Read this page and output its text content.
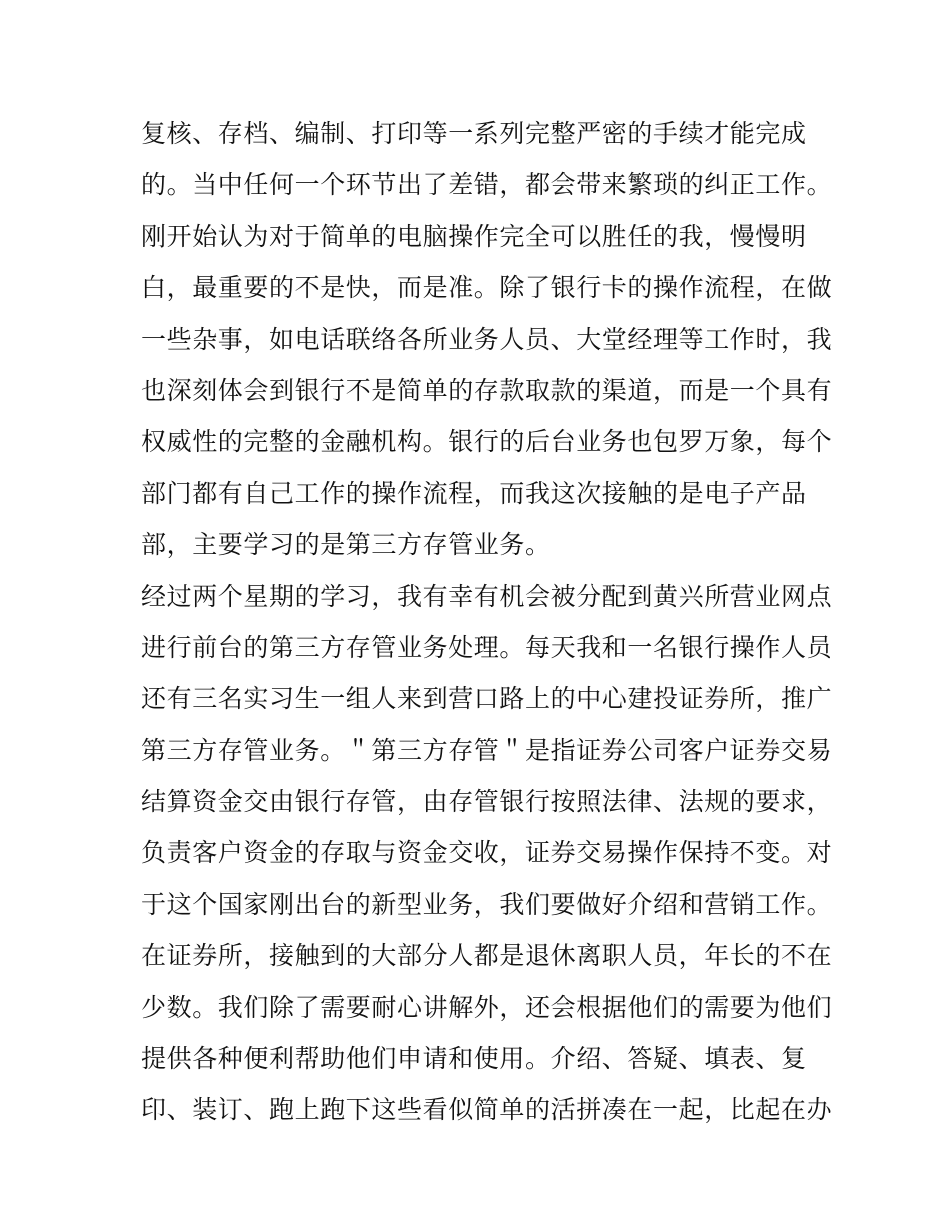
复核、存档、编制、打印等一系列完整严密的手续才能完成
的。当中任何一个环节出了差错，都会带来繁琐的纠正工作。
刚开始认为对于简单的电脑操作完全可以胜任的我，慢慢明
白，最重要的不是快，而是准。除了银行卡的操作流程，在做
一些杂事，如电话联络各所业务人员、大堂经理等工作时，我
也深刻体会到银行不是简单的存款取款的渠道，而是一个具有
权威性的完整的金融机构。银行的后台业务也包罗万象，每个
部门都有自己工作的操作流程，而我这次接触的是电子产品
部，主要学习的是第三方存管业务。
经过两个星期的学习，我有幸有机会被分配到黄兴所营业网点
进行前台的第三方存管业务处理。每天我和一名银行操作人员
还有三名实习生一组人来到营口路上的中心建投证券所，推广
第三方存管业务。＂第三方存管＂是指证券公司客户证券交易
结算资金交由银行存管，由存管银行按照法律、法规的要求，
负责客户资金的存取与资金交收，证券交易操作保持不变。对
于这个国家刚出台的新型业务，我们要做好介绍和营销工作。
在证券所，接触到的大部分人都是退休离职人员，年长的不在
少数。我们除了需要耐心讲解外，还会根据他们的需要为他们
提供各种便利帮助他们申请和使用。介绍、答疑、填表、复
印、装订、跑上跑下这些看似简单的活拼凑在一起，比起在办
